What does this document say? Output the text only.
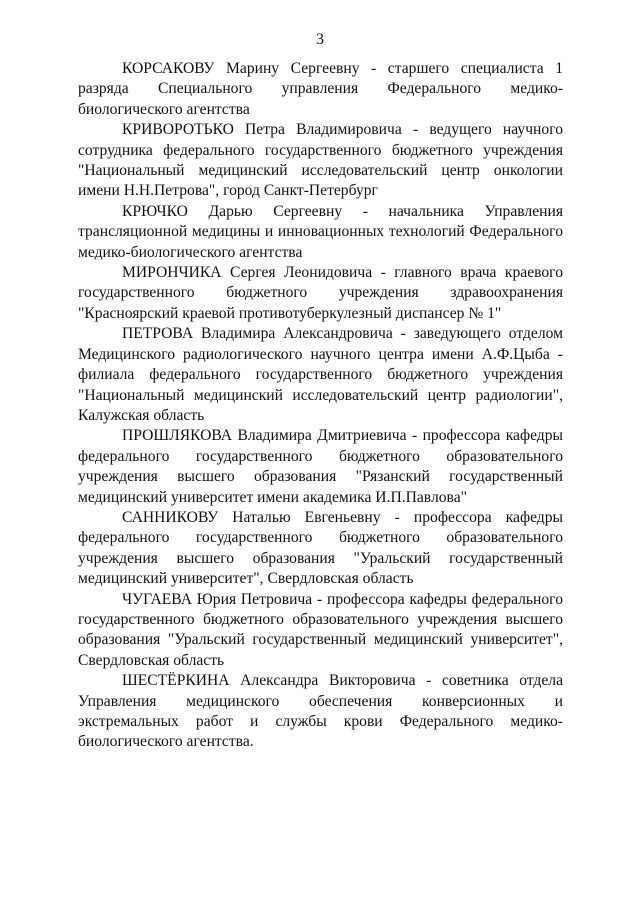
3

КОРСАКОВУ Марину Сергеевну - старшего специалиста 1 разряда Специального управления Федерального медико-биологического агентства

КРИВОРОТЬКО Петра Владимировича - ведущего научного сотрудника федерального государственного бюджетного учреждения "Национальный медицинский исследовательский центр онкологии имени Н.Н.Петрова", город Санкт-Петербург

КРЮЧКО Дарью Сергеевну - начальника Управления трансляционной медицины и инновационных технологий Федерального медико-биологического агентства

МИРОНЧИКА Сергея Леонидовича - главного врача краевого государственного бюджетного учреждения здравоохранения "Красноярский краевой противотуберкулезный диспансер № 1"

ПЕТРОВА Владимира Александровича - заведующего отделом Медицинского радиологического научного центра имени А.Ф.Цыба - филиала федерального государственного бюджетного учреждения "Национальный медицинский исследовательский центр радиологии", Калужская область

ПРОШЛЯКОВА Владимира Дмитриевича - профессора кафедры федерального государственного бюджетного образовательного учреждения высшего образования "Рязанский государственный медицинский университет имени академика И.П.Павлова"

САННИКОВУ Наталью Евгеньевну - профессора кафедры федерального государственного бюджетного образовательного учреждения высшего образования "Уральский государственный медицинский университет", Свердловская область

ЧУГАЕВА Юрия Петровича - профессора кафедры федерального государственного бюджетного образовательного учреждения высшего образования "Уральский государственный медицинский университет", Свердловская область

ШЕСТЁРКИНА Александра Викторовича - советника отдела Управления медицинского обеспечения конверсионных и экстремальных работ и службы крови Федерального медико-биологического агентства.
